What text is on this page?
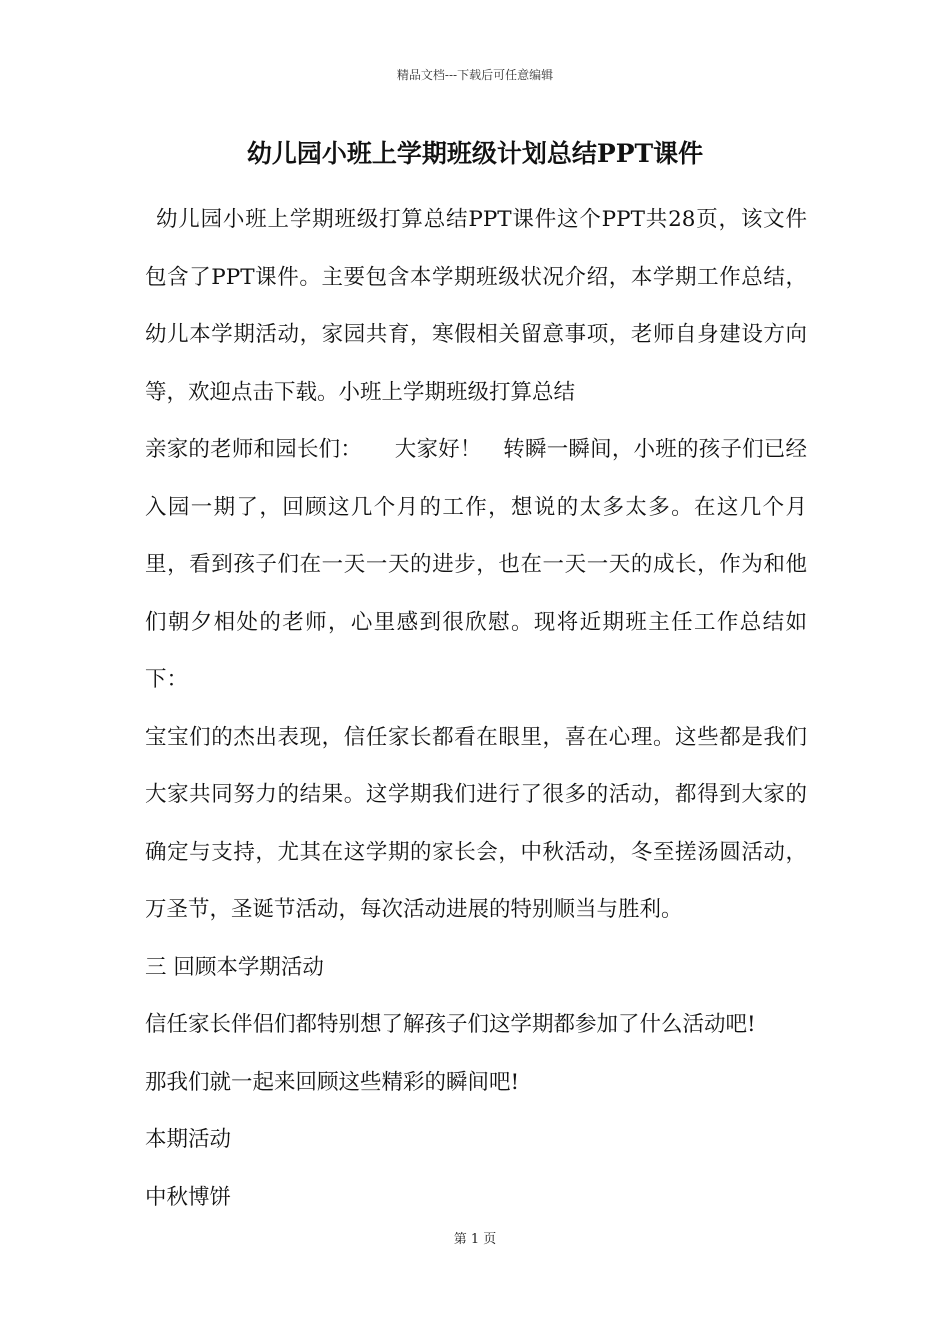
精品文档---下载后可任意编辑
幼儿园小班上学期班级计划总结PPT课件

幼儿园小班上学期班级打算总结PPT课件这个PPT共28页，该文件包含了PPT课件。主要包含本学期班级状况介绍，本学期工作总结，幼儿本学期活动，家园共育，寒假相关留意事项，老师自身建设方向等，欢迎点击下载。小班上学期班级打算总结

亲家的老师和园长们：　　大家好！　转瞬一瞬间，小班的孩子们已经入园一期了，回顾这几个月的工作，想说的太多太多。在这几个月里，看到孩子们在一天一天的进步，也在一天一天的成长，作为和他们朝夕相处的老师，心里感到很欣慰。现将近期班主任工作总结如下：

宝宝们的杰出表现，信任家长都看在眼里，喜在心理。这些都是我们大家共同努力的结果。这学期我们进行了很多的活动，都得到大家的确定与支持，尤其在这学期的家长会，中秋活动，冬至搓汤圆活动，万圣节，圣诞节活动，每次活动进展的特别顺当与胜利。

三 回顾本学期活动

信任家长伴侣们都特别想了解孩子们这学期都参加了什么活动吧!

那我们就一起来回顾这些精彩的瞬间吧!

本期活动

中秋博饼

第 1 页
